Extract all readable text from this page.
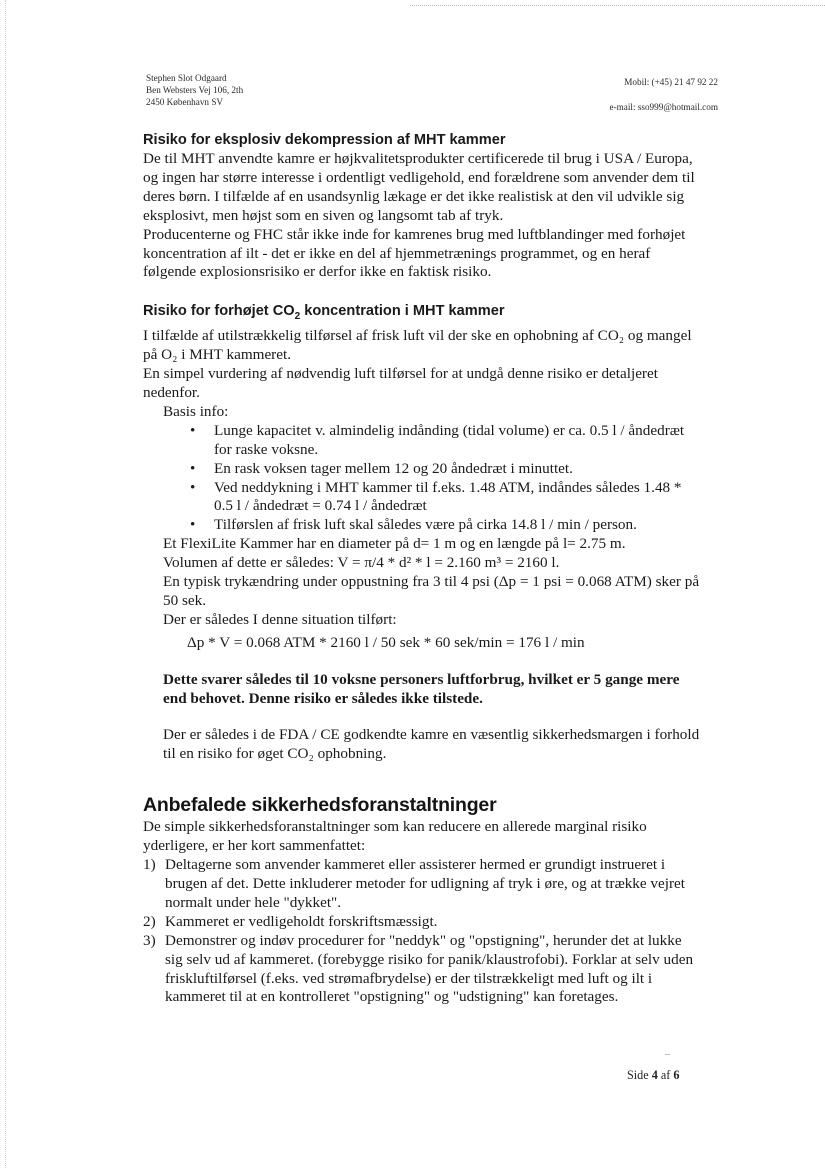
Stephen Slot Odgaard
Ben Websters Vej 106, 2th
2450 København SV
Mobil: (+45) 21 47 92 22
e-mail: sso999@hotmail.com
Risiko for eksplosiv dekompression af MHT kammer

De til MHT anvendte kamre er højkvalitetsprodukter certificerede til brug i USA / Europa, og ingen har større interesse i ordentligt vedligehold, end forældrene som anvender dem til deres børn. I tilfælde af en usandsynlig lækage er det ikke realistisk at den vil udvikle sig eksplosivt, men højst som en siven og langsomt tab af tryk.

Producenterne og FHC står ikke inde for kamrenes brug med luftblandinger med forhøjet koncentration af ilt - det er ikke en del af hjemmetrænings programmet, og en heraf følgende explosionsrisiko er derfor ikke en faktisk risiko.

Risiko for forhøjet $CO_2$ koncentration i MHT kammer

I tilfælde af utilstrækkelig tilførsel af frisk luft vil der ske en ophobning af CO₂ og mangel på O₂ i MHT kammeret.

En simpel vurdering af nødvendig luft tilførsel for at undgå denne risiko er detaljeret nedenfor.

Basis info:

• Lunge kapacitet v. almindelig indånding (tidal volume) er ca. 0.5 l / åndedræt for raske voksne.
• En rask voksen tager mellem 12 og 20 åndedræt i minuttet.
• Ved neddykning i MHT kammer til f.eks. 1.48 ATM, indåndes således 1.48 * 0.5 l / åndedræt = 0.74 l / åndedræt
• Tilførslen af frisk luft skal således være på cirka 14.8 l / min / person.

Et FlexiLite Kammer har en diameter på d= 1 m og en længde på l= 2.75 m.

Volumen af dette er således: V = π/4 * d² * l = 2.160 m³ = 2160 l.

En typisk trykændring under oppustning fra 3 til 4 psi (Δp = 1 psi = 0.068 ATM) sker på 50 sek.

Der er således I denne situation tilført:

Δp * V = 0.068 ATM * 2160 l / 50 sek * 60 sek/min = 176 l / min

Dette svarer således til 10 voksne personers luftforbrug, hvilket er 5 gange mere end behovet. Denne risiko er således ikke tilstede.

Der er således i de FDA / CE godkendte kamre en væsentlig sikkerhedsmargen i forhold til en risiko for øget CO₂ ophobning.

Anbefalede sikkerhedsforanstaltninger

De simple sikkerhedsforanstaltninger som kan reducere en allerede marginal risiko yderligere, er her kort sammenfattet:

1) Deltagerne som anvender kammeret eller assisterer hermed er grundigt instrueret i brugen af det. Dette inkluderer metoder for udligning af tryk i øre, og at trække vejret normalt under hele "dykket".
2) Kammeret er vedligeholdt forskriftsmæssigt.
3) Demonstrer og indøv procedurer for "neddyk" og "opstigning", herunder det at lukke sig selv ud af kammeret. (forebygge risiko for panik/klaustrofobi). Forklar at selv uden friskluftilførsel (f.eks. ved strømafbrydelse) er der tilstrækkeligt med luft og ilt i kammeret til at en kontrolleret "opstigning" og "udstigning" kan foretages.
Side 4 af 6
